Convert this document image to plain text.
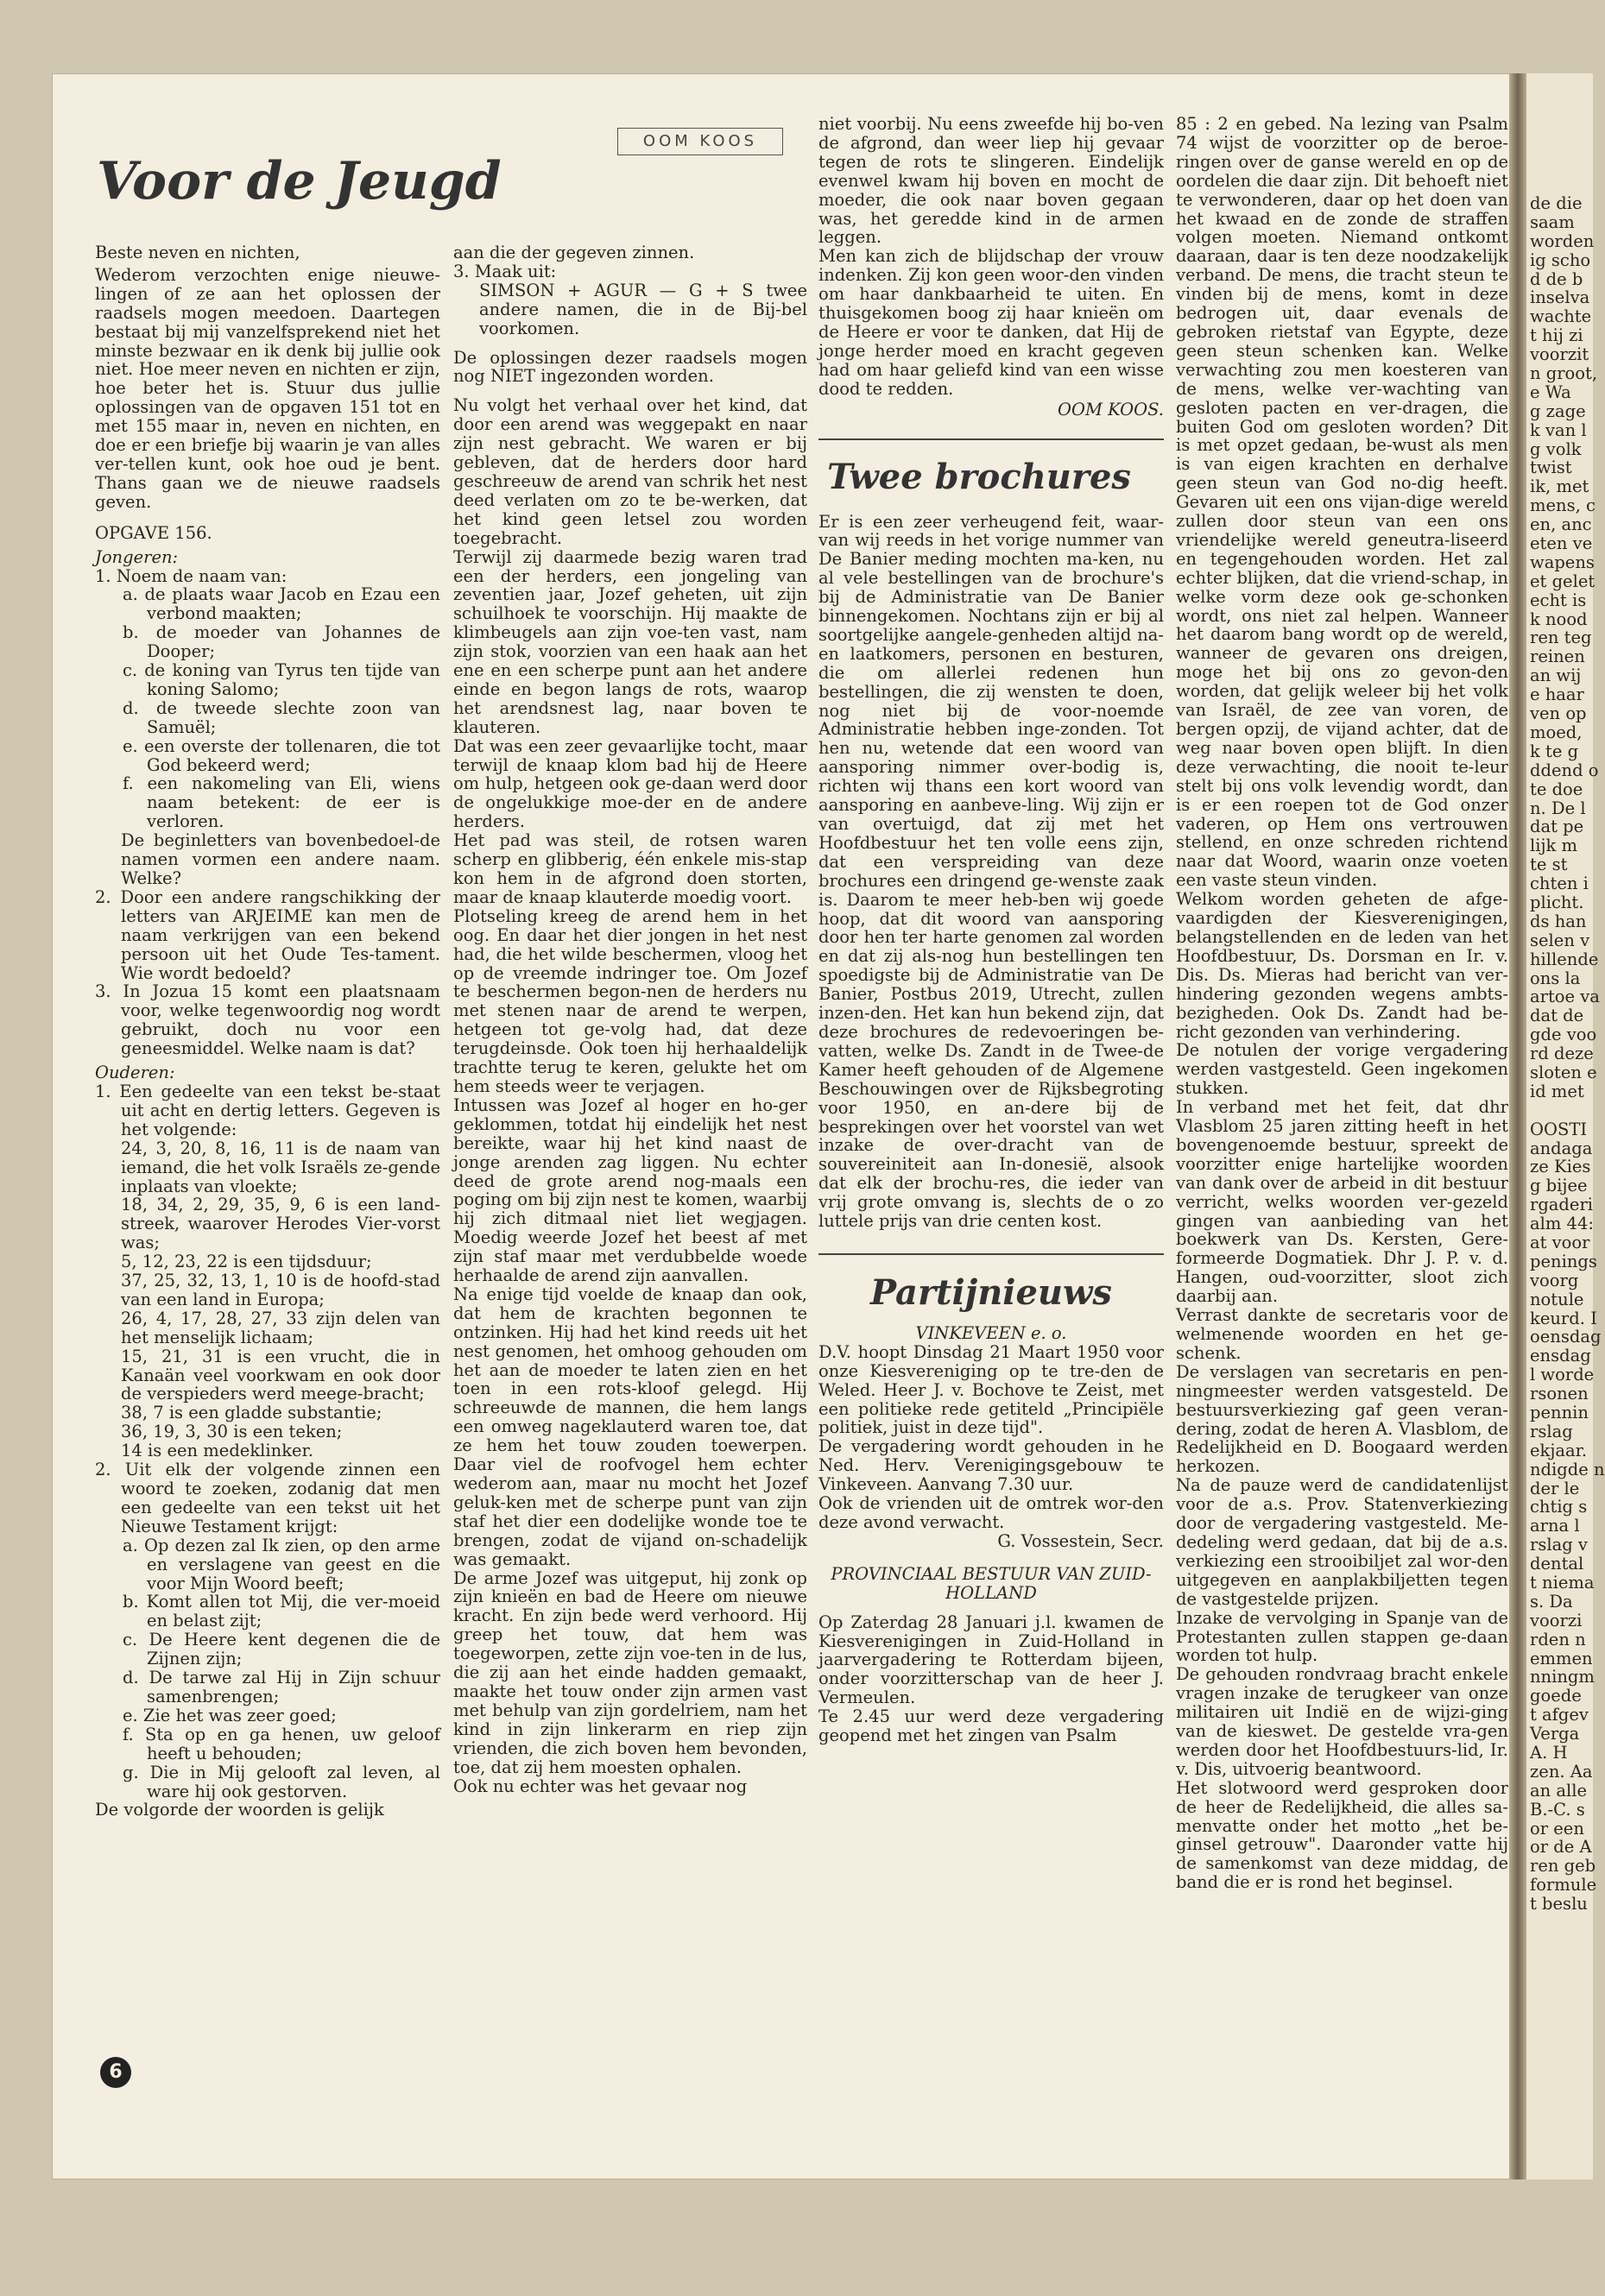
de die
saam
worden
ig scho
d de b
inselva
wachte
t hij zi
voorzit
n groot,
e Wa
g zage
k van l
g volk
twist
ik, met
mens, c
en, anc
eten ve
wapens
et gelet
echt is
k nood
ren teg
reinen
an wij
e haar
ven op
moed,
k te g
ddend o
te doe
n. De l
dat pe
lijk m
te st
chten i
plicht.
ds han
selen v
hillende
ons la
artoe va
dat de
gde voo
rd deze
sloten e
id met
OOSTI
andaga
ze Kies
g bijee
rgaderi
alm 44:
at voor
penings
voorg
notule
keurd. I
oensdag
ensdag
l worde
rsonen
pennin
rslag
ekjaar.
ndigde n
der le
chtig s
arna l
rslag v
dental
t niema
s. Da
voorzi
rden n
emmen
nningm
goede
t afgev
Verga
A. H
zen. Aa
an alle
B.-C. s
or een
or de A
ren geb
formule
t beslu
Voor de Jeugd
OOM KOOS

Beste neven en nichten,

Wederom verzochten enige nieuwe-lingen of ze aan het oplossen der raadsels mogen meedoen. Daartegen bestaat bij mij vanzelfsprekend niet het minste bezwaar en ik denk bij jullie ook niet. Hoe meer neven en nichten er zijn, hoe beter het is. Stuur dus jullie oplossingen van de opgaven 151 tot en met 155 maar in, neven en nichten, en doe er een briefje bij waarin je van alles ver-tellen kunt, ook hoe oud je bent. Thans gaan we de nieuwe raadsels geven.

OPGAVE 156.

Jongeren:

1. Noem de naam van:

a. de plaats waar Jacob en Ezau een verbond maakten;

b. de moeder van Johannes de Dooper;

c. de koning van Tyrus ten tijde van koning Salomo;

d. de tweede slechte zoon van Samuël;

e. een overste der tollenaren, die tot God bekeerd werd;

f. een nakomeling van Eli, wiens naam betekent: de eer is verloren.

De beginletters van bovenbedoel-de namen vormen een andere naam. Welke?

2. Door een andere rangschikking der letters van ARJEIME kan men de naam verkrijgen van een bekend persoon uit het Oude Tes-tament. Wie wordt bedoeld?

3. In Jozua 15 komt een plaatsnaam voor, welke tegenwoordig nog wordt gebruikt, doch nu voor een geneesmiddel. Welke naam is dat?

Ouderen:

1. Een gedeelte van een tekst be-staat uit acht en dertig letters. Gegeven is het volgende:

24, 3, 20, 8, 16, 11 is de naam van iemand, die het volk Israëls ze-gende inplaats van vloekte;

18, 34, 2, 29, 35, 9, 6 is een land-streek, waarover Herodes Vier-vorst was;

5, 12, 23, 22 is een tijdsduur;

37, 25, 32, 13, 1, 10 is de hoofd-stad van een land in Europa;

26, 4, 17, 28, 27, 33 zijn delen van het menselijk lichaam;

15, 21, 31 is een vrucht, die in Kanaän veel voorkwam en ook door de verspieders werd meege-bracht;

38, 7 is een gladde substantie;

36, 19, 3, 30 is een teken;

14 is een medeklinker.

2. Uit elk der volgende zinnen een woord te zoeken, zodanig dat men een gedeelte van een tekst uit het Nieuwe Testament krijgt:

a. Op dezen zal Ik zien, op den arme en verslagene van geest en die voor Mijn Woord beeft;

b. Komt allen tot Mij, die ver-moeid en belast zijt;

c. De Heere kent degenen die de Zijnen zijn;

d. De tarwe zal Hij in Zijn schuur samenbrengen;

e. Zie het was zeer goed;

f. Sta op en ga henen, uw geloof heeft u behouden;

g. Die in Mij gelooft zal leven, al ware hij ook gestorven.

De volgorde der woorden is gelijk

aan die der gegeven zinnen.

3. Maak uit:

SIMSON + AGUR — G + S twee andere namen, die in de Bij-bel voorkomen.

De oplossingen dezer raadsels mogen nog NIET ingezonden worden.

Nu volgt het verhaal over het kind, dat door een arend was weggepakt en naar zijn nest gebracht. We waren er bij gebleven, dat de herders door hard geschreeuw de arend van schrik het nest deed verlaten om zo te be-werken, dat het kind geen letsel zou worden toegebracht.

Terwijl zij daarmede bezig waren trad een der herders, een jongeling van zeventien jaar, Jozef geheten, uit zijn schuilhoek te voorschijn. Hij maakte de klimbeugels aan zijn voe-ten vast, nam zijn stok, voorzien van een haak aan het ene en een scherpe punt aan het andere einde en begon langs de rots, waarop het arendsnest lag, naar boven te klauteren.

Dat was een zeer gevaarlijke tocht, maar terwijl de knaap klom bad hij de Heere om hulp, hetgeen ook ge-daan werd door de ongelukkige moe-der en de andere herders.

Het pad was steil, de rotsen waren scherp en glibberig, één enkele mis-stap kon hem in de afgrond doen storten, maar de knaap klauterde moedig voort.

Plotseling kreeg de arend hem in het oog. En daar het dier jongen in het nest had, die het wilde beschermen, vloog het op de vreemde indringer toe. Om Jozef te beschermen begon-nen de herders nu met stenen naar de arend te werpen, hetgeen tot ge-volg had, dat deze terugdeinsde. Ook toen hij herhaaldelijk trachtte terug te keren, gelukte het om hem steeds weer te verjagen.

Intussen was Jozef al hoger en ho-ger geklommen, totdat hij eindelijk het nest bereikte, waar hij het kind naast de jonge arenden zag liggen. Nu echter deed de grote arend nog-maals een poging om bij zijn nest te komen, waarbij hij zich ditmaal niet liet wegjagen. Moedig weerde Jozef het beest af met zijn staf maar met verdubbelde woede herhaalde de arend zijn aanvallen.

Na enige tijd voelde de knaap dan ook, dat hem de krachten begonnen te ontzinken. Hij had het kind reeds uit het nest genomen, het omhoog gehouden om het aan de moeder te laten zien en het toen in een rots-kloof gelegd. Hij schreeuwde de mannen, die hem langs een omweg nageklauterd waren toe, dat ze hem het touw zouden toewerpen. Daar viel de roofvogel hem echter wederom aan, maar nu mocht het Jozef geluk-ken met de scherpe punt van zijn staf het dier een dodelijke wonde toe te brengen, zodat de vijand on-schadelijk was gemaakt.

De arme Jozef was uitgeput, hij zonk op zijn knieën en bad de Heere om nieuwe kracht. En zijn bede werd verhoord. Hij greep het touw, dat hem was toegeworpen, zette zijn voe-ten in de lus, die zij aan het einde hadden gemaakt, maakte het touw onder zijn armen vast met behulp van zijn gordelriem, nam het kind in zijn linkerarm en riep zijn vrienden, die zich boven hem bevonden, toe, dat zij hem moesten ophalen.

Ook nu echter was het gevaar nog

niet voorbij. Nu eens zweefde hij bo-ven de afgrond, dan weer liep hij gevaar tegen de rots te slingeren. Eindelijk evenwel kwam hij boven en mocht de moeder, die ook naar boven gegaan was, het geredde kind in de armen leggen.

Men kan zich de blijdschap der vrouw indenken. Zij kon geen woor-den vinden om haar dankbaarheid te uiten. En thuisgekomen boog zij haar knieën om de Heere er voor te danken, dat Hij de jonge herder moed en kracht gegeven had om haar geliefd kind van een wisse dood te redden.

OOM KOOS.

Twee brochures

Er is een zeer verheugend feit, waar-van wij reeds in het vorige nummer van De Banier meding mochten ma-ken, nu al vele bestellingen van de brochure's bij de Administratie van De Banier binnengekomen. Nochtans zijn er bij al soortgelijke aangele-genheden altijd na- en laatkomers, personen en besturen, die om allerlei redenen hun bestellingen, die zij wensten te doen, nog niet bij de voor-noemde Administratie hebben inge-zonden. Tot hen nu, wetende dat een woord van aansporing nimmer over-bodig is, richten wij thans een kort woord van aansporing en aanbeve-ling. Wij zijn er van overtuigd, dat zij met het Hoofdbestuur het ten volle eens zijn, dat een verspreiding van deze brochures een dringend ge-wenste zaak is. Daarom te meer heb-ben wij goede hoop, dat dit woord van aansporing door hen ter harte genomen zal worden en dat zij als-nog hun bestellingen ten spoedigste bij de Administratie van De Banier, Postbus 2019, Utrecht, zullen inzen-den. Het kan hun bekend zijn, dat deze brochures de redevoeringen be-vatten, welke Ds. Zandt in de Twee-de Kamer heeft gehouden of de Algemene Beschouwingen over de Rijksbegroting voor 1950, en an-dere bij de besprekingen over het voorstel van wet inzake de over-dracht van de souvereiniteit aan In-donesië, alsook dat elk der brochu-res, die ieder van vrij grote omvang is, slechts de o zo luttele prijs van drie centen kost.

Partijnieuws

VINKEVEEN e. o.

D.V. hoopt Dinsdag 21 Maart 1950 voor onze Kiesvereniging op te tre-den de Weled. Heer J. v. Bochove te Zeist, met een politieke rede getiteld „Principiële politiek, juist in deze tijd".

De vergadering wordt gehouden in he Ned. Herv. Verenigingsgebouw te Vinkeveen. Aanvang 7.30 uur.

Ook de vrienden uit de omtrek wor-den deze avond verwacht.

G. Vossestein, Secr.

PROVINCIAAL BESTUUR VAN ZUID-HOLLAND

Op Zaterdag 28 Januari j.l. kwamen de Kiesverenigingen in Zuid-Holland in jaarvergadering te Rotterdam bijeen, onder voorzitterschap van de heer J. Vermeulen.

Te 2.45 uur werd deze vergadering geopend met het zingen van Psalm

85 : 2 en gebed. Na lezing van Psalm 74 wijst de voorzitter op de beroe-ringen over de ganse wereld en op de oordelen die daar zijn. Dit behoeft niet te verwonderen, daar op het doen van het kwaad en de zonde de straffen volgen moeten. Niemand ontkomt daaraan, daar is ten deze noodzakelijk verband. De mens, die tracht steun te vinden bij de mens, komt in deze bedrogen uit, daar evenals de gebroken rietstaf van Egypte, deze geen steun schenken kan. Welke verwachting zou men koesteren van de mens, welke ver-wachting van gesloten pacten en ver-dragen, die buiten God om gesloten worden? Dit is met opzet gedaan, be-wust als men is van eigen krachten en derhalve geen steun van God no-dig heeft. Gevaren uit een ons vijan-dige wereld zullen door steun van een ons vriendelijke wereld geneutra-liseerd en tegengehouden worden. Het zal echter blijken, dat die vriend-schap, in welke vorm deze ook ge-schonken wordt, ons niet zal helpen. Wanneer het daarom bang wordt op de wereld, wanneer de gevaren ons dreigen, moge het bij ons zo gevon-den worden, dat gelijk weleer bij het volk van Israël, de zee van voren, de bergen opzij, de vijand achter, dat de weg naar boven open blijft. In dien deze verwachting, die nooit te-leur stelt bij ons volk levendig wordt, dan is er een roepen tot de God onzer vaderen, op Hem ons vertrouwen stellend, en onze schreden richtend naar dat Woord, waarin onze voeten een vaste steun vinden.

Welkom worden geheten de afge-vaardigden der Kiesverenigingen, belangstellenden en de leden van het Hoofdbestuur, Ds. Dorsman en Ir. v. Dis. Ds. Mieras had bericht van ver-hindering gezonden wegens ambts-bezigheden. Ook Ds. Zandt had be-richt gezonden van verhindering.

De notulen der vorige vergadering werden vastgesteld. Geen ingekomen stukken.

In verband met het feit, dat dhr Vlasblom 25 jaren zitting heeft in het bovengenoemde bestuur, spreekt de voorzitter enige hartelijke woorden van dank over de arbeid in dit bestuur verricht, welks woorden ver-gezeld gingen van aanbieding van het boekwerk van Ds. Kersten, Gere-formeerde Dogmatiek. Dhr J. P. v. d. Hangen, oud-voorzitter, sloot zich daarbij aan.

Verrast dankte de secretaris voor de welmenende woorden en het ge-schenk.

De verslagen van secretaris en pen-ningmeester werden vatsgesteld. De bestuursverkiezing gaf geen veran-dering, zodat de heren A. Vlasblom, de Redelijkheid en D. Boogaard werden herkozen.

Na de pauze werd de candidatenlijst voor de a.s. Prov. Statenverkiezing door de vergadering vastgesteld. Me-dedeling werd gedaan, dat bij de a.s. verkiezing een strooibiljet zal wor-den uitgegeven en aanplakbiljetten tegen de vastgestelde prijzen.

Inzake de vervolging in Spanje van de Protestanten zullen stappen ge-daan worden tot hulp.

De gehouden rondvraag bracht enkele vragen inzake de terugkeer van onze militairen uit Indië en de wijzi-ging van de kieswet. De gestelde vra-gen werden door het Hoofdbestuurs-lid, Ir. v. Dis, uitvoerig beantwoord.

Het slotwoord werd gesproken door de heer de Redelijkheid, die alles sa-menvatte onder het motto „het be-ginsel getrouw". Daaronder vatte hij de samenkomst van deze middag, de band die er is rond het beginsel.

6
